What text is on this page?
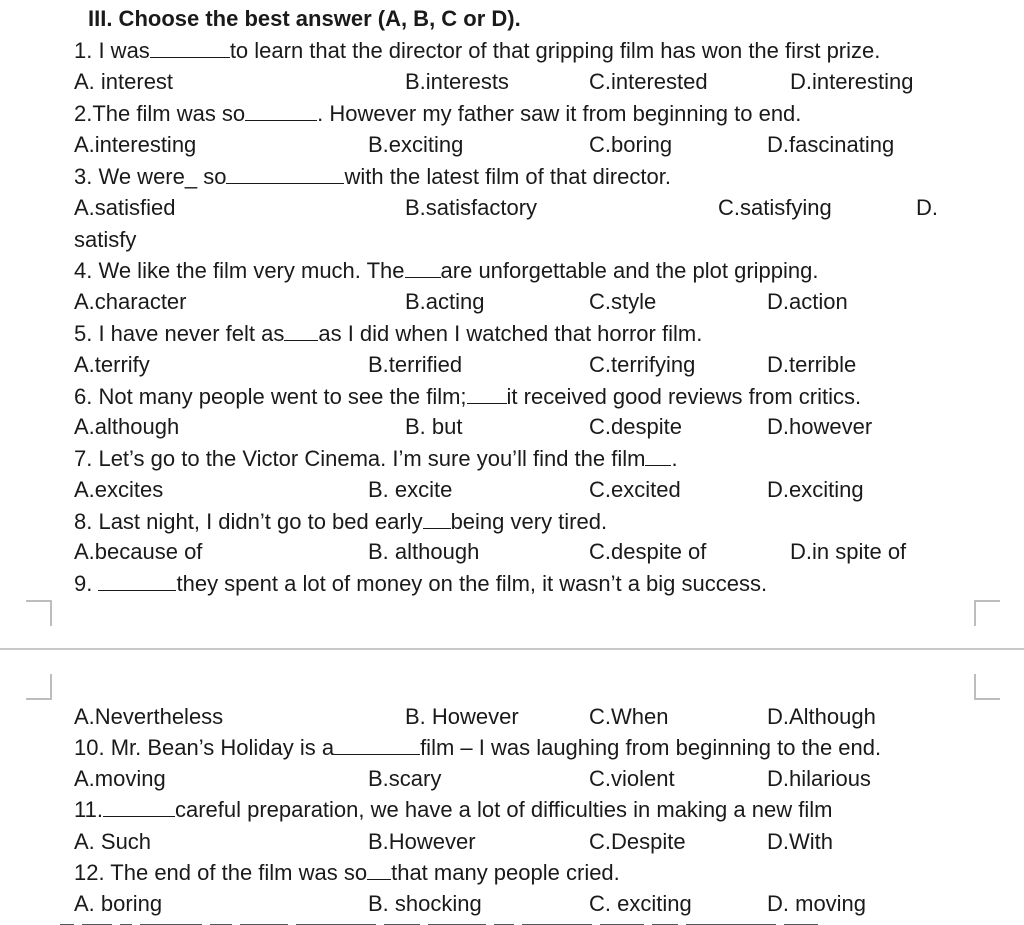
III. Choose the best answer (A, B, C or D).
1. I was	to learn that the director of that gripping film has won the first prize.
A. interest	B.interests	C.interested	D.interesting
2.The film was so	. However my father saw it from beginning to end.
A.interesting	B.exciting	C.boring	D.fascinating
3. We were_ so	with the latest film of that director.
A.satisfied	B.satisfactory	C.satisfying	D.
satisfy
4. We like the film very much. The are unforgettable and the plot gripping.
A.character	B.acting	C.style	D.action
5. I have never felt as as I did when I watched that horror film.
A.terrify	B.terrified	C.terrifying	D.terrible
6. Not many people went to see the film; it received good reviews from critics.
A.although	B. but	C.despite	D.however
7. Let’s go to the Victor Cinema. I’m sure you’ll find the film .
A.excites	B. excite	C.excited	D.exciting
8. Last night, I didn’t go to bed early being very tired.
A.because of	B. although	C.despite of	D.in spite of
9.	they spent a lot of money on the film, it wasn’t a big success.
A.Nevertheless	B. However	C.When	D.Although
10. Mr. Bean’s Holiday is a	film – I was laughing from beginning to the end.
A.moving	B.scary	C.violent	D.hilarious
11.	careful preparation, we have a lot of difficulties in making a new film
A. Such	B.However	C.Despite	D.With
12. The end of the film was so that many people cried.
A. boring	B. shocking	C. exciting	D. moving
